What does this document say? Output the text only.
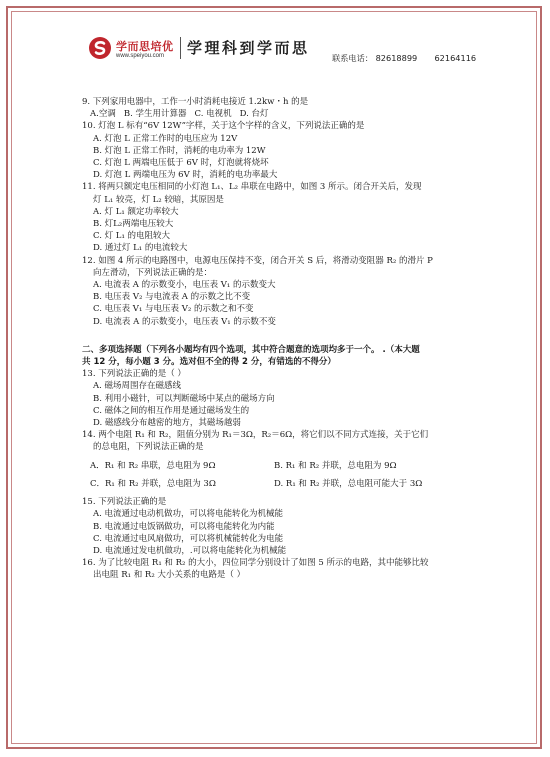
学而思培优
www.speiyou.com 学理科到学而思
联系电话： 82618899 62164116
9. 下列家用电器中，工作一小时消耗电接近 1.2kw・h 的是
A.空调 B. 学生用计算器 C. 电视机 D. 台灯
10. 灯泡 L 标有“6V 12W”字样，关于这个字样的含义，下列说法正确的是
A. 灯泡 L 正常工作时的电压应为 12V
B. 灯泡 L 正常工作时，消耗的电功率为 12W
C. 灯泡 L 两端电压低于 6V 时，灯泡就将烧坏
D. 灯泡 L 两端电压为 6V 时，消耗的电功率最大
11. 将两只额定电压相同的小灯泡 L₁、L₂ 串联在电路中，如图 3 所示。闭合开关后，发现
灯 L₁ 较亮，灯 L₂ 较暗，其原因是
A. 灯 L₁ 额定功率较大
B. 灯L₂两端电压较大
C. 灯 L₁ 的电阻较大
D. 通过灯 L₁ 的电流较大
12. 如图 4 所示的电路图中，电源电压保持不变，闭合开关 S 后，将滑动变阻器 R₂ 的滑片 P
向左滑动，下列说法正确的是：
A. 电流表 A 的示数变小，电压表 V₁ 的示数变大
B. 电压表 V₂ 与电流表 A 的示数之比不变
C. 电压表 V₁ 与电压表 V₂ 的示数之和不变
D. 电流表 A 的示数变小，电压表 V₁ 的示数不变
二、多项选择题（下列各小题均有四个选项，其中符合题意的选项均多于一个。 .（本大题
共 12 分，每小题 3 分。选对但不全的得 2 分，有错选的不得分）
13. 下列说法正确的是（ ）
A. 磁场周围存在磁感线
B. 利用小磁针，可以判断磁场中某点的磁场方向
C. 磁体之间的相互作用是通过磁场发生的
D. 磁感线分布越密的地方，其磁场越弱
14. 两个电阻 R₁ 和 R₂，阻值分别为 R₁＝3Ω，R₂＝6Ω，将它们以不同方式连接，关于它们
的总电阻，下列说法正确的是
A．R₁ 和 R₂ 串联，总电阻为 9Ω	B. R₁ 和 R₂ 并联，总电阻为 9Ω
C．R₁ 和 R₂ 并联，总电阻为 3Ω	D. R₁ 和 R₂ 并联，总电阻可能大于 3Ω
15. 下列说法正确的是
A. 电流通过电动机做功，可以将电能转化为机械能
B. 电流通过电饭锅做功，可以将电能转化为内能
C. 电流通过电风扇做功，可以将机械能转化为电能
D. 电流通过发电机做功，.可以将电能转化为机械能
16. 为了比较电阻 R₁ 和 R₂ 的大小，四位同学分别设计了如图 5 所示的电路，其中能够比较
出电阻 R₁ 和 R₂ 大小关系的电路是（ ）
